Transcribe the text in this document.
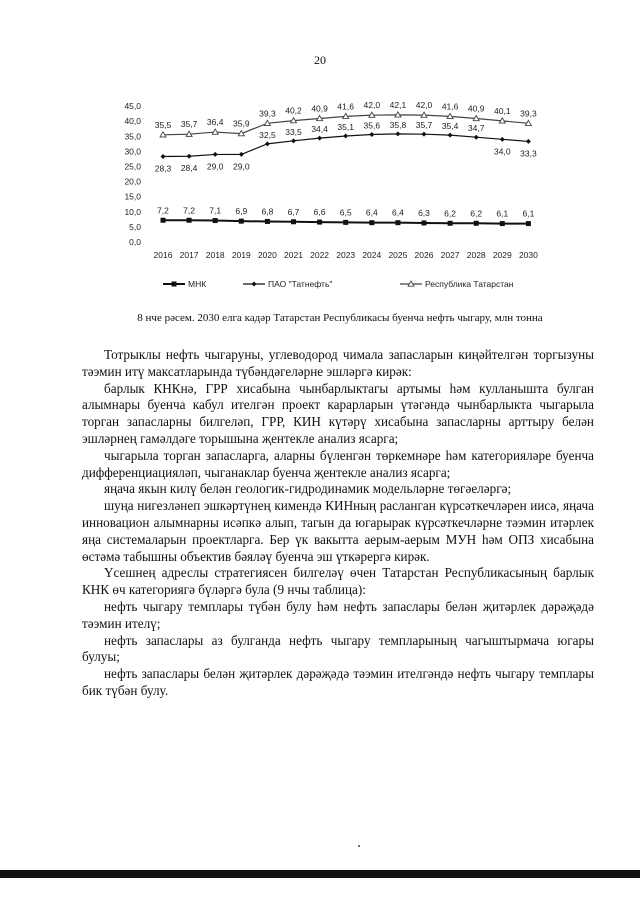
20
0,0
5,0
10,0
15,0
20,0
25,0
30,0
35,0
40,0
45,0
2016 2017 2018 2019 2020 2021 2022 2023 2024 2025 2026 2027 2028 2029 2030
7,2 7,2 7,1 6,9 6,8 6,7 6,6 6,5 6,4 6,4 6,3 6,2 6,2 6,1 6,1
28,3 28,4 29,0 29,0
32,5 33,5 34,4 35,1 35,6 35,8 35,7 35,4 34,7
34,0 33,3
35,5 35,7 36,4 35,9
39,3 40,2 40,9 41,6 42,0 42,1 42,0 41,6 40,9 40,1 39,3
МНК	ПАО "Татнефть"	Республика Татарстан
8 нче рәсем. 2030 елга кадәр Татарстан Республикасы буенча нефть чыгару, млн тонна

Тотрыклы нефть чыгаруны, углеводород чимала запасларын киңәйтелгән торгызуны тәэмин итү максатларында түбәндәгеләрне эшләргә кирәк:

барлык КНКнә, ГРР хисабына чынбарлыктагы артымы һәм кулланышта булган алымнары буенча кабул ителгән проект карарларын үтәгәндә чынбарлыкта чыгарыла торган запасларны билгеләп, ГРР, КИН күтәрү хисабына запасларны арттыру белән эшләрнең гамәлдәге торышына җентекле анализ ясарга;

чыгарыла торган запасларга, аларны бүленгән төркемнәре һәм категорияләре буенча дифференциацияләп, чыганаклар буенча җентекле анализ ясарга;

яңача якын килү белән геологик-гидродинамик модельләрне төгәеләргә;

шуңа нигезләнеп эшкәртүнең кимендә КИНның расланган күрсәткечләрен иисә, яңача инновацион алымнарны исәпкә алып, тагын да югарырак күрсәткечләрне тәэмин итәрлек яңа системаларын проектларга. Бер үк вакытта аерым-аерым МУН һәм ОПЗ хисабына өстәмә табышны объектив бәяләү буенча эш үткәрергә кирәк.

Үсешнең адреслы стратегиясен билгеләү өчен Татарстан Республикасының барлык КНК өч категориягә бүләргә була (9 нчы таблица):

нефть чыгару темплары түбән булу һәм нефть запаслары белән җитәрлек дәрәҗәдә тәэмин ителү;

нефть запаслары аз булганда нефть чыгару темпларының чагыштырмача югары булуы;

нефть запаслары белән җитәрлек дәрәҗәдә тәэмин ителгәндә нефть чыгару темплары бик түбән булу.
